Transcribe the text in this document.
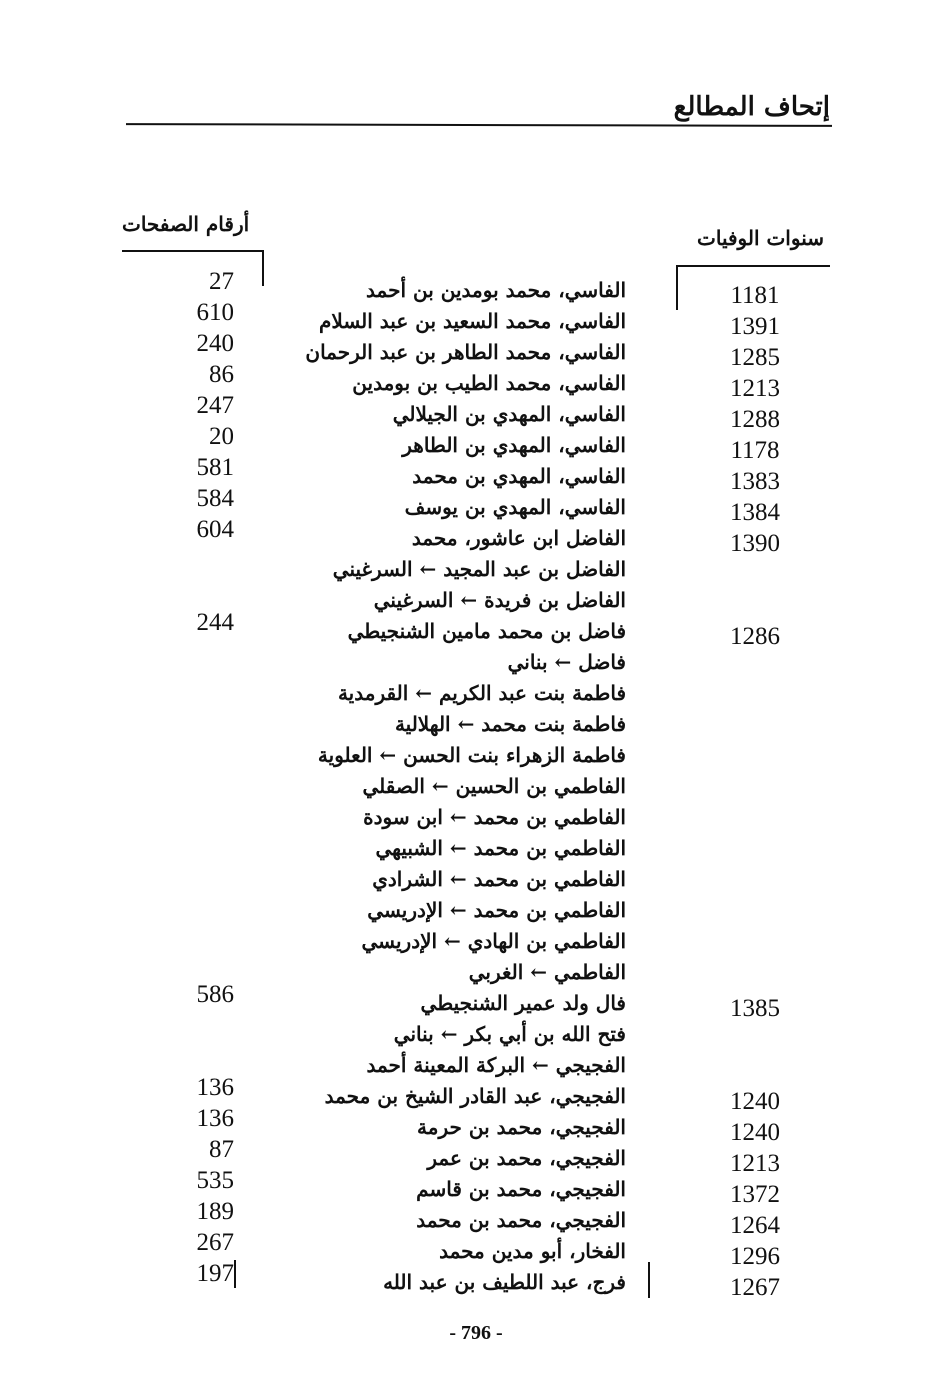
إتحاف المطالع
أرقام الصفحات
سنوات الوفيات
27	الفاسي، محمد بومدين بن أحمد	1181
610	الفاسي، محمد السعيد بن عبد السلام	1391
240	الفاسي، محمد الطاهر بن عبد الرحمان	1285
86	الفاسي، محمد الطيب بن بومدين	1213
247	الفاسي، المهدي بن الجيلالي	1288
20	الفاسي، المهدي بن الطاهر	1178
581	الفاسي، المهدي بن محمد	1383
584	الفاسي، المهدي بن يوسف	1384
604	الفاضل ابن عاشور، محمد	1390
الفاضل بن عبد المجيد ← السرغيني
الفاضل بن فريدة ← السرغيني
244	فاضل بن محمد مامين الشنجيطي	1286
فاضل ← بناني
فاطمة بنت عبد الكريم ← القرمدية
فاطمة بنت محمد ← الهلالية
فاطمة الزهراء بنت الحسن ← العلوية
الفاطمي بن الحسين ← الصقلي
الفاطمي بن محمد ← ابن سودة
الفاطمي بن محمد ← الشبيهي
الفاطمي بن محمد ← الشرادي
الفاطمي بن محمد ← الإدريسي
الفاطمي بن الهادي ← الإدريسي
الفاطمي ← الغربي
586	فال ولد عمير الشنجيطي	1385
فتح الله بن أبي بكر ← بناني
الفجيجي ← البركة المعينة أحمد
136	الفجيجي، عبد القادر الشيخ بن محمد	1240
136	الفجيجي، محمد بن حرمة	1240
87	الفجيجي، محمد بن عمر	1213
535	الفجيجي، محمد بن قاسم	1372
189	الفجيجي، محمد بن محمد	1264
267	الفخار، أبو مدين محمد	1296
197	فرج، عبد اللطيف بن عبد الله	1267
- 796 -
